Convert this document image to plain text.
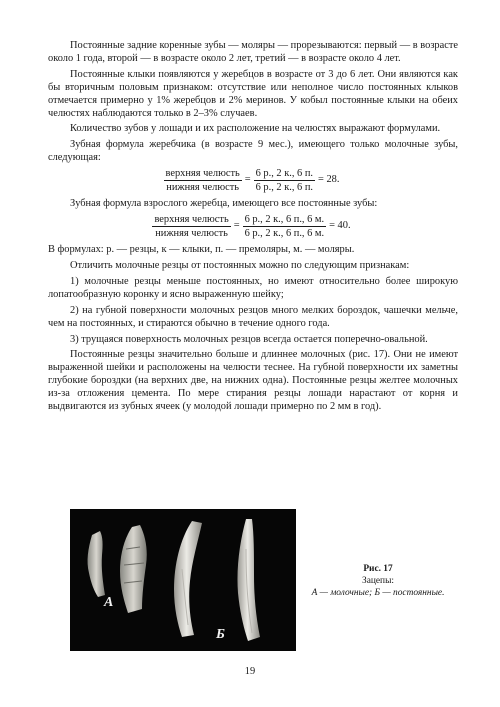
Постоянные задние коренные зубы — моляры — прорезываются: первый — в возрасте около 1 года, второй — в возрасте около 2 лет, третий — в возрасте около 4 лет.

Постоянные клыки появляются у жеребцов в возрасте от 3 до 6 лет. Они являются как бы вторичным половым признаком: отсутствие или неполное число постоянных клыков отмечается примерно у 1% жеребцов и 2% меринов. У кобыл постоянные клыки на обеих челюстях наблюдаются только в 2–3% случаев.

Количество зубов у лошади и их расположение на челюстях выражают формулами.

Зубная формула жеребчика (в возрасте 9 мес.), имеющего только молочные зубы, следующая:

$\frac{\text{верхняя челюсть}}{\text{нижняя челюсть}} = \frac{6 р., 2 к., 6 п.}{6 р., 2 к., 6 п.} = 28$.

Зубная формула взрослого жеребца, имеющего все постоянные зубы:

$\frac{\text{верхняя челюсть}}{\text{нижняя челюсть}} = \frac{6 р., 2 к., 6 п., 6 м.}{6 р., 2 к., 6 п., 6 м.} = 40$.

В формулах: р. — резцы, к — клыки, п. — премоляры, м. — моляры.

Отличить молочные резцы от постоянных можно по следующим признакам:

1) молочные резцы меньше постоянных, но имеют относительно более широкую лопатообразную коронку и ясно выраженную шейку;

2) на губной поверхности молочных резцов много мелких бороздок, чашечки мельче, чем на постоянных, и стираются обычно в течение одного года.

3) трущаяся поверхность молочных резцов всегда остается поперечно-овальной.

Постоянные резцы значительно больше и длиннее молочных (рис. 17). Они не имеют выраженной шейки и расположены на челюсти теснее. На губной поверхности их заметны глубокие бороздки (на верхних две, на нижних одна). Постоянные резцы желтее молочных из-за отложения цемента. По мере стирания резцы лошади нарастают от корня и выдвигаются из зубных ячеек (у молодой лошади примерно по 2 мм в год).

А
Б
Рис. 17
Зацепы:
А — молочные; Б — постоянные.
19
